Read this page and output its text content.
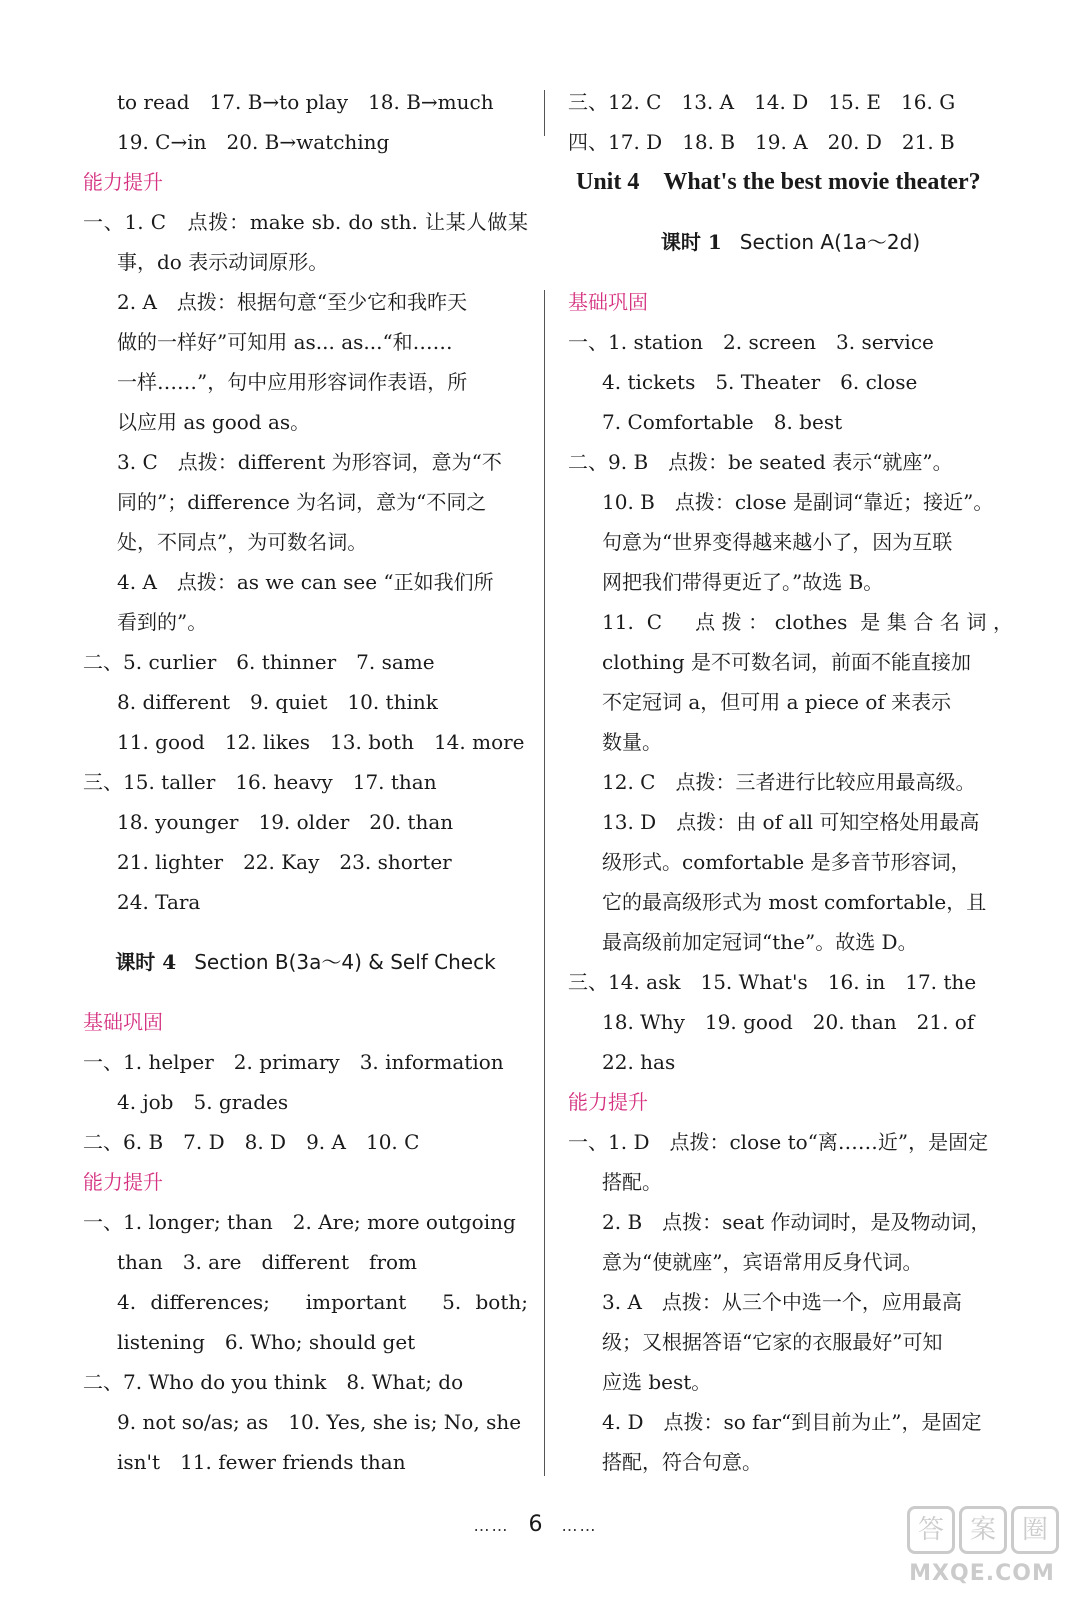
to read　17. B→to play　18. B→much
19. C→in　20. B→watching
能力提升
一、1. C　点拨：make sb. do sth. 让某人做某
事，do 表示动词原形。
2. A　点拨：根据句意“至少它和我昨天
做的一样好”可知用 as... as...“和……
一样……”，句中应用形容词作表语，所
以应用 as good as。
3. C　点拨：different 为形容词，意为“不
同的”；difference 为名词，意为“不同之
处，不同点”，为可数名词。
4. A　点拨：as we can see “正如我们所
看到的”。
二、5. curlier　6. thinner　7. same
8. different　9. quiet　10. think
11. good　12. likes　13. both　14. more
三、15. taller　16. heavy　17. than
18. younger　19. older　20. than
21. lighter　22. Kay　23. shorter
24. Tara
课时 4 Section B(3a～4) & Self Check
基础巩固
一、1. helper　2. primary　3. information
4. job　5. grades
二、6. B　7. D　8. D　9. A　10. C
能力提升
一、1. longer; than　2. Are; more outgoing
than　3. are　different　from
4. differences;　important　5. both;
listening　6. Who; should get
二、7. Who do you think　8. What; do
9. not so/as; as　10. Yes, she is; No, she
isn't　11. fewer friends than
三、12. C　13. A　14. D　15. E　16. G
四、17. D　18. B　19. A　20. D　21. B
Unit 4　What's the best movie theater?
课时 1 Section A(1a～2d)
基础巩固
一、1. station　2. screen　3. service
4. tickets　5. Theater　6. close
7. Comfortable　8. best
二、9. B　点拨：be seated 表示“就座”。
10. B　点拨：close 是副词“靠近；接近”。
句意为“世界变得越来越小了，因为互联
网把我们带得更近了。”故选 B。
11. C　点拨：clothes 是集合名词，
clothing 是不可数名词，前面不能直接加
不定冠词 a，但可用 a piece of 来表示
数量。
12. C　点拨：三者进行比较应用最高级。
13. D　点拨：由 of all 可知空格处用最高
级形式。comfortable 是多音节形容词，
它的最高级形式为 most comfortable，且
最高级前加定冠词“the”。故选 D。
三、14. ask　15. What's　16. in　17. the
18. Why　19. good　20. than　21. of
22. has
能力提升
一、1. D　点拨：close to“离……近”，是固定
搭配。
2. B　点拨：seat 作动词时，是及物动词，
意为“使就座”，宾语常用反身代词。
3. A　点拨：从三个中选一个，应用最高
级；又根据答语“它家的衣服最好”可知
应选 best。
4. D　点拨：so far“到目前为止”，是固定
搭配，符合句意。
…… 6 ……	答 案 圈
MXQE.COM
